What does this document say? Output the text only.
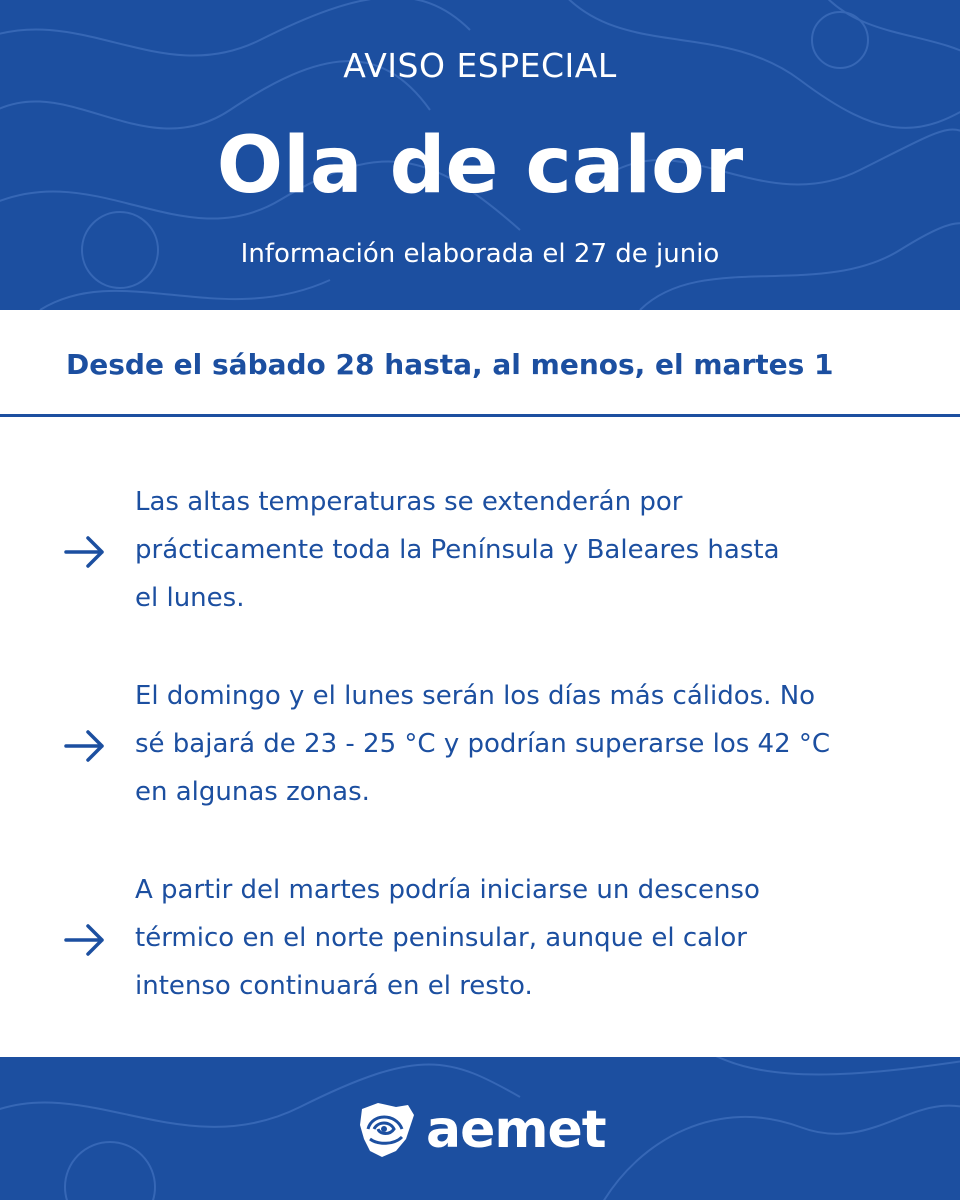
AVISO ESPECIAL
Ola de calor
Información elaborada el 27 de junio
Desde el sábado 28 hasta, al menos, el martes 1
Las altas temperaturas se extenderán por
prácticamente toda la Península y Baleares hasta
el lunes.
El domingo y el lunes serán los días más cálidos. No
sé bajará de 23 - 25 °C y podrían superarse los 42 °C
en algunas zonas.
A partir del martes podría iniciarse un descenso
térmico en el norte peninsular, aunque el calor
intenso continuará en el resto.
aemet
